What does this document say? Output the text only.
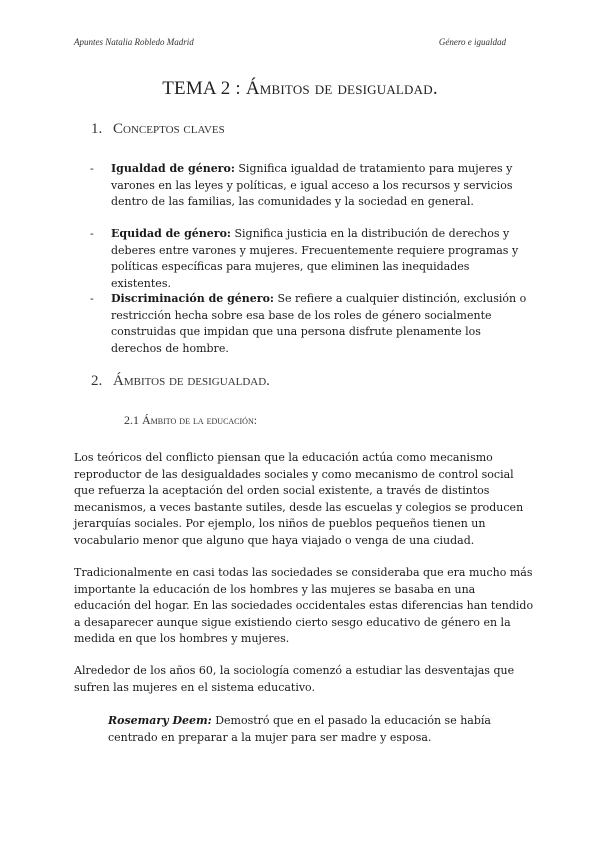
Apuntes Natalia Robledo Madrid	Género e igualdad
TEMA 2 : Ámbitos de desigualdad.
1. Conceptos claves
- Igualdad de género: Significa igualdad de tratamiento para mujeres y varones en las leyes y políticas, e igual acceso a los recursos y servicios dentro de las familias, las comunidades y la sociedad en general.
- Equidad de género: Significa justicia en la distribución de derechos y deberes entre varones y mujeres. Frecuentemente requiere programas y políticas específicas para mujeres, que eliminen las inequidades existentes.
- Discriminación de género: Se refiere a cualquier distinción, exclusión o restricción hecha sobre esa base de los roles de género socialmente construidas que impidan que una persona disfrute plenamente los derechos de hombre.
2. Ámbitos de desigualdad.
2.1 Ámbito de la educación:
Los teóricos del conflicto piensan que la educación actúa como mecanismo reproductor de las desigualdades sociales y como mecanismo de control social que refuerza la aceptación del orden social existente, a través de distintos mecanismos, a veces bastante sutiles, desde las escuelas y colegios se producen jerarquías sociales. Por ejemplo, los niños de pueblos pequeños tienen un vocabulario menor que alguno que haya viajado o venga de una ciudad.
Tradicionalmente en casi todas las sociedades se consideraba que era mucho más importante la educación de los hombres y las mujeres se basaba en una educación del hogar. En las sociedades occidentales estas diferencias han tendido a desaparecer aunque sigue existiendo cierto sesgo educativo de género en la medida en que los hombres y mujeres.
Alrededor de los años 60, la sociología comenzó a estudiar las desventajas que sufren las mujeres en el sistema educativo.
Rosemary Deem: Demostró que en el pasado la educación se había centrado en preparar a la mujer para ser madre y esposa.
